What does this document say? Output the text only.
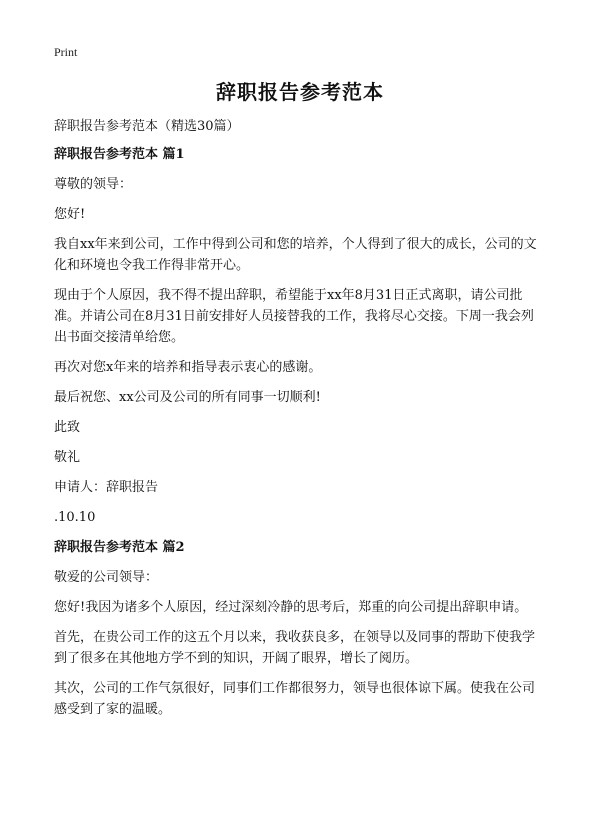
Print
辞职报告参考范本
辞职报告参考范本（精选30篇）
辞职报告参考范本 篇1

尊敬的领导：

您好!

我自xx年来到公司，工作中得到公司和您的培养，个人得到了很大的成长，公司的文化和环境也令我工作得非常开心。

现由于个人原因，我不得不提出辞职，希望能于xx年8月31日正式离职，请公司批准。并请公司在8月31日前安排好人员接替我的工作，我将尽心交接。下周一我会列出书面交接清单给您。

再次对您x年来的培养和指导表示衷心的感谢。

最后祝您、xx公司及公司的所有同事一切顺利!

此致

敬礼

申请人：辞职报告

.10.10

辞职报告参考范本 篇2

敬爱的公司领导：

您好!我因为诸多个人原因，经过深刻冷静的思考后，郑重的向公司提出辞职申请。

首先，在贵公司工作的这五个月以来，我收获良多，在领导以及同事的帮助下使我学到了很多在其他地方学不到的知识，开阔了眼界，增长了阅历。

其次，公司的工作气氛很好，同事们工作都很努力，领导也很体谅下属。使我在公司感受到了家的温暖。
